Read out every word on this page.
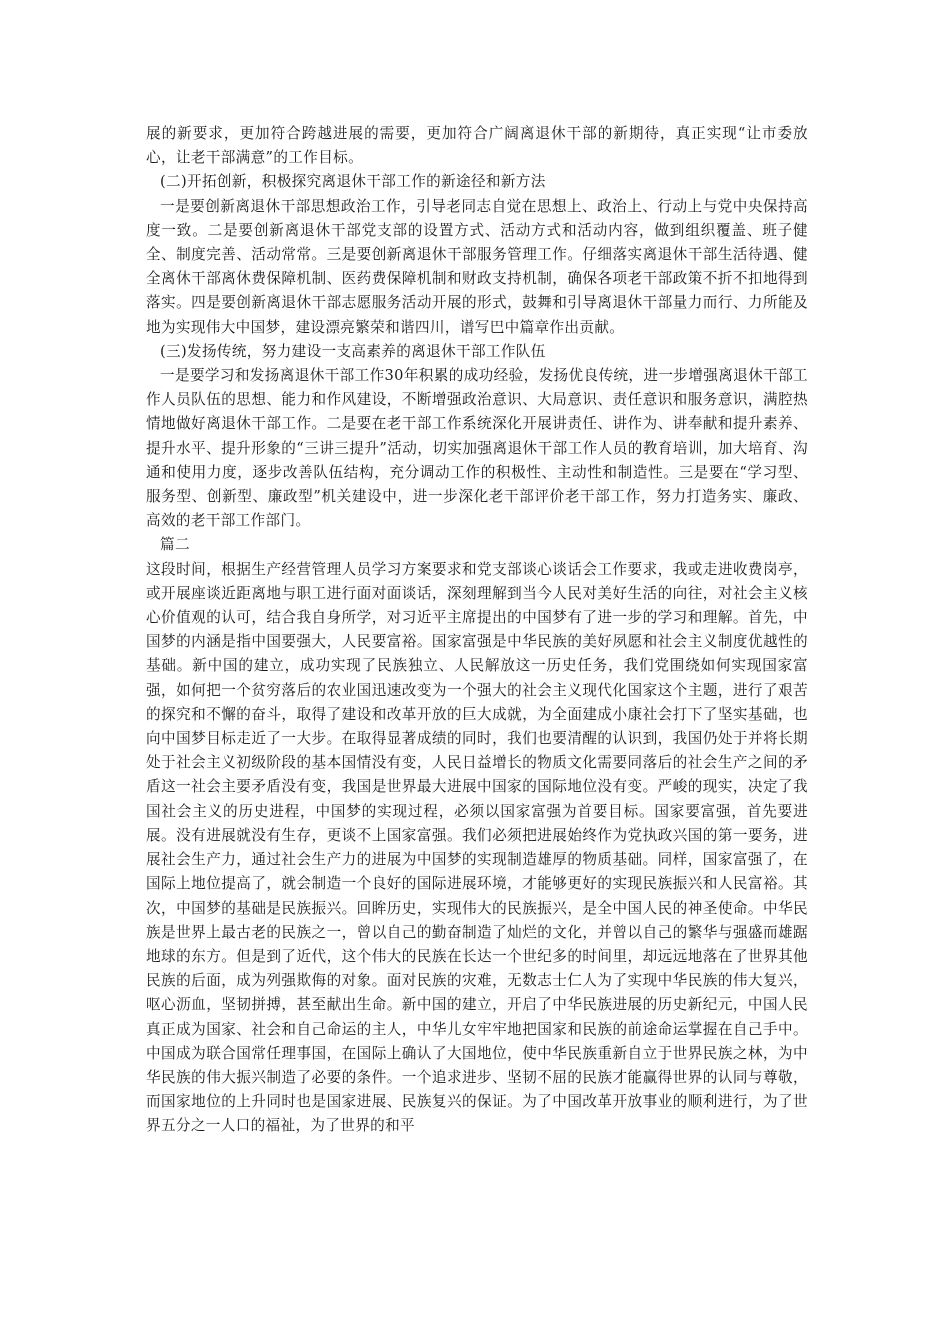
展的新要求，更加符合跨越进展的需要，更加符合广阔离退休干部的新期待，真正实现“让市委放心，让老干部满意”的工作目标。

(二)开拓创新，积极探究离退休干部工作的新途径和新方法

一是要创新离退休干部思想政治工作，引导老同志自觉在思想上、政治上、行动上与党中央保持高度一致。二是要创新离退休干部党支部的设置方式、活动方式和活动内容，做到组织覆盖、班子健全、制度完善、活动常常。三是要创新离退休干部服务管理工作。仔细落实离退休干部生活待遇、健全离休干部离休费保障机制、医药费保障机制和财政支持机制，确保各项老干部政策不折不扣地得到落实。四是要创新离退休干部志愿服务活动开展的形式，鼓舞和引导离退休干部量力而行、力所能及地为实现伟大中国梦，建设漂亮繁荣和谐四川，谱写巴中篇章作出贡献。

(三)发扬传统，努力建设一支高素养的离退休干部工作队伍

一是要学习和发扬离退休干部工作30年积累的成功经验，发扬优良传统，进一步增强离退休干部工作人员队伍的思想、能力和作风建设，不断增强政治意识、大局意识、责任意识和服务意识，满腔热情地做好离退休干部工作。二是要在老干部工作系统深化开展讲责任、讲作为、讲奉献和提升素养、提升水平、提升形象的“三讲三提升”活动，切实加强离退休干部工作人员的教育培训，加大培育、沟通和使用力度，逐步改善队伍结构，充分调动工作的积极性、主动性和制造性。三是要在“学习型、服务型、创新型、廉政型”机关建设中，进一步深化老干部评价老干部工作，努力打造务实、廉政、高效的老干部工作部门。

篇二

这段时间，根据生产经营管理人员学习方案要求和党支部谈心谈话会工作要求，我或走进收费岗亭，或开展座谈近距离地与职工进行面对面谈话，深刻理解到当今人民对美好生活的向往，对社会主义核心价值观的认可，结合我自身所学，对习近平主席提出的中国梦有了进一步的学习和理解。首先，中国梦的内涵是指中国要强大，人民要富裕。国家富强是中华民族的美好夙愿和社会主义制度优越性的基础。新中国的建立，成功实现了民族独立、人民解放这一历史任务，我们党围绕如何实现国家富强，如何把一个贫穷落后的农业国迅速改变为一个强大的社会主义现代化国家这个主题，进行了艰苦的探究和不懈的奋斗，取得了建设和改革开放的巨大成就，为全面建成小康社会打下了坚实基础，也向中国梦目标走近了一大步。在取得显著成绩的同时，我们也要清醒的认识到，我国仍处于并将长期处于社会主义初级阶段的基本国情没有变，人民日益增长的物质文化需要同落后的社会生产之间的矛盾这一社会主要矛盾没有变，我国是世界最大进展中国家的国际地位没有变。严峻的现实，决定了我国社会主义的历史进程，中国梦的实现过程，必须以国家富强为首要目标。国家要富强，首先要进展。没有进展就没有生存，更谈不上国家富强。我们必须把进展始终作为党执政兴国的第一要务，进展社会生产力，通过社会生产力的进展为中国梦的实现制造雄厚的物质基础。同样，国家富强了，在国际上地位提高了，就会制造一个良好的国际进展环境，才能够更好的实现民族振兴和人民富裕。其次，中国梦的基础是民族振兴。回眸历史，实现伟大的民族振兴，是全中国人民的神圣使命。中华民族是世界上最古老的民族之一，曾以自己的勤奋制造了灿烂的文化，并曾以自己的繁华与强盛而雄踞地球的东方。但是到了近代，这个伟大的民族在长达一个世纪多的时间里，却远远地落在了世界其他民族的后面，成为列强欺侮的对象。面对民族的灾难，无数志士仁人为了实现中华民族的伟大复兴，呕心沥血，坚韧拼搏，甚至献出生命。新中国的建立，开启了中华民族进展的历史新纪元，中国人民真正成为国家、社会和自己命运的主人，中华儿女牢牢地把国家和民族的前途命运掌握在自己手中。中国成为联合国常任理事国，在国际上确认了大国地位，使中华民族重新自立于世界民族之林，为中华民族的伟大振兴制造了必要的条件。一个追求进步、坚韧不屈的民族才能赢得世界的认同与尊敬，而国家地位的上升同时也是国家进展、民族复兴的保证。为了中国改革开放事业的顺利进行，为了世界五分之一人口的福祉，为了世界的和平
